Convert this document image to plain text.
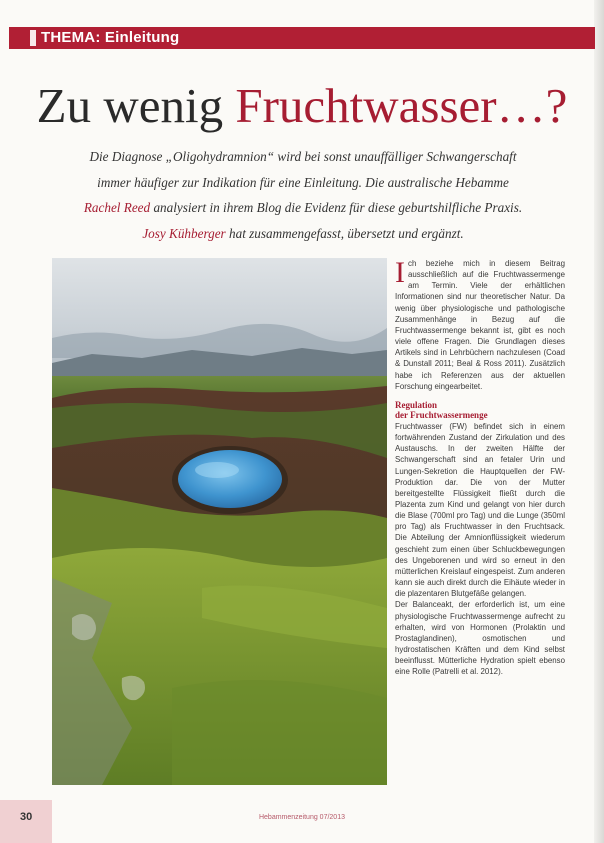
THEMA: Einleitung
Zu wenig Fruchtwasser…?
Die Diagnose „Oligohydramnion“ wird bei sonst unauffälliger Schwangerschaft
immer häufiger zur Indikation für eine Einleitung. Die australische Hebamme
Rachel Reed analysiert in ihrem Blog die Evidenz für diese geburtshilfliche Praxis.
Josy Kühberger hat zusammengefasst, übersetzt und ergänzt.

Ich beziehe mich in diesem Beitrag ausschließlich auf die Fruchtwassermenge am Termin. Viele der erhältlichen Informationen sind nur theoretischer Natur. Da wenig über physiologische und pathologische Zusammenhänge in Bezug auf die Fruchtwassermenge bekannt ist, gibt es noch viele offene Fragen. Die Grundlagen dieses Artikels sind in Lehrbüchern nachzulesen (Coad & Dunstall 2011; Beal & Ross 2011). Zusätzlich habe ich Referenzen aus der aktuellen Forschung eingearbeitet.

Regulation
der Fruchtwassermenge

Fruchtwasser (FW) befindet sich in einem fortwährenden Zustand der Zirkulation und des Austauschs. In der zweiten Hälfte der Schwangerschaft sind an fetaler Urin und Lungen-Sekretion die Hauptquellen der FW-Produktion dar. Die von der Mutter bereitgestellte Flüssigkeit fließt durch die Plazenta zum Kind und gelangt von hier durch die Blase (700ml pro Tag) und die Lunge (350ml pro Tag) als Fruchtwasser in den Fruchtsack. Die Abteilung der Amnionflüssigkeit wiederum geschieht zum einen über Schluckbewegungen des Ungeborenen und wird so erneut in den mütterlichen Kreislauf eingespeist. Zum anderen kann sie auch direkt durch die Eihäute wieder in die plazentaren Blutgefäße gelangen.

Der Balanceakt, der erforderlich ist, um eine physiologische Fruchtwassermenge aufrecht zu erhalten, wird von Hormonen (Prolaktin und Prostaglandinen), osmotischen und hydrostatischen Kräften und dem Kind selbst beeinflusst. Mütterliche Hydration spielt ebenso eine Rolle (Patrelli et al. 2012).

30	Hebammenzeitung 07/2013
